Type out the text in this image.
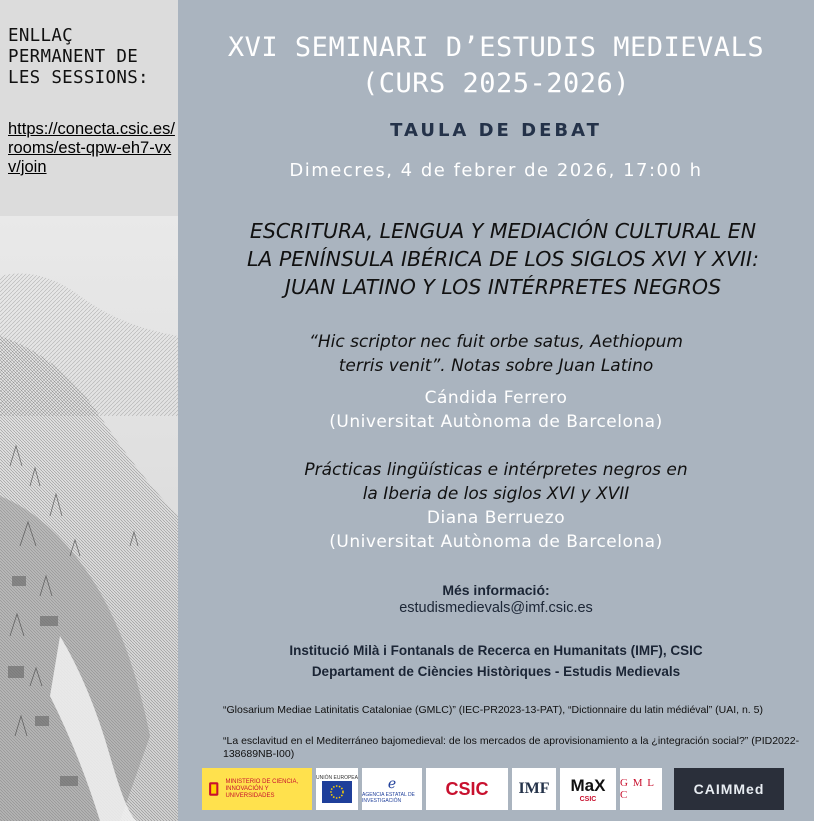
ENLLAÇ PERMANENT DE LES SESSIONS:
https://conecta.csic.es/rooms/est-qpw-eh7-vxv/join
XVI SEMINARI D’ESTUDIS MEDIEVALS
(CURS 2025-2026)
TAULA DE DEBAT
Dimecres, 4 de febrer de 2026, 17:00 h
ESCRITURA, LENGUA Y MEDIACIÓN CULTURAL EN
LA PENÍNSULA IBÉRICA DE LOS SIGLOS XVI Y XVII:
JUAN LATINO Y LOS INTÉRPRETES NEGROS
“Hic scriptor nec fuit orbe satus, Aethiopum
terris venit”. Notas sobre Juan Latino
Cándida Ferrero
(Universitat Autònoma de Barcelona)
Prácticas lingüísticas e intérpretes negros en
la Iberia de los siglos XVI y XVII
Diana Berruezo
(Universitat Autònoma de Barcelona)
Més informació:
estudismedievals@imf.csic.es
Institució Milà i Fontanals de Recerca en Humanitats (IMF), CSIC
Departament de Ciències Històriques - Estudis Medievals
“Glosarium Mediae Latinitatis Cataloniae (GMLC)” (IEC-PR2023-13-PAT), “Dictionnaire du latin médiéval” (UAI, n. 5)
“La esclavitud en el Mediterráneo bajomedieval: de los mercados de aprovisionamiento a la ¿integración social?” (PID2022-138689NB-I00)
MINISTERIO DE CIENCIA, INNOVACIÓN Y UNIVERSIDADES
UNIÓN EUROPEA ℯ
AGENCIA ESTATAL DE INVESTIGACIÓN
CSIC IMF MaX
CSIC
G M L C	CAIMMed
